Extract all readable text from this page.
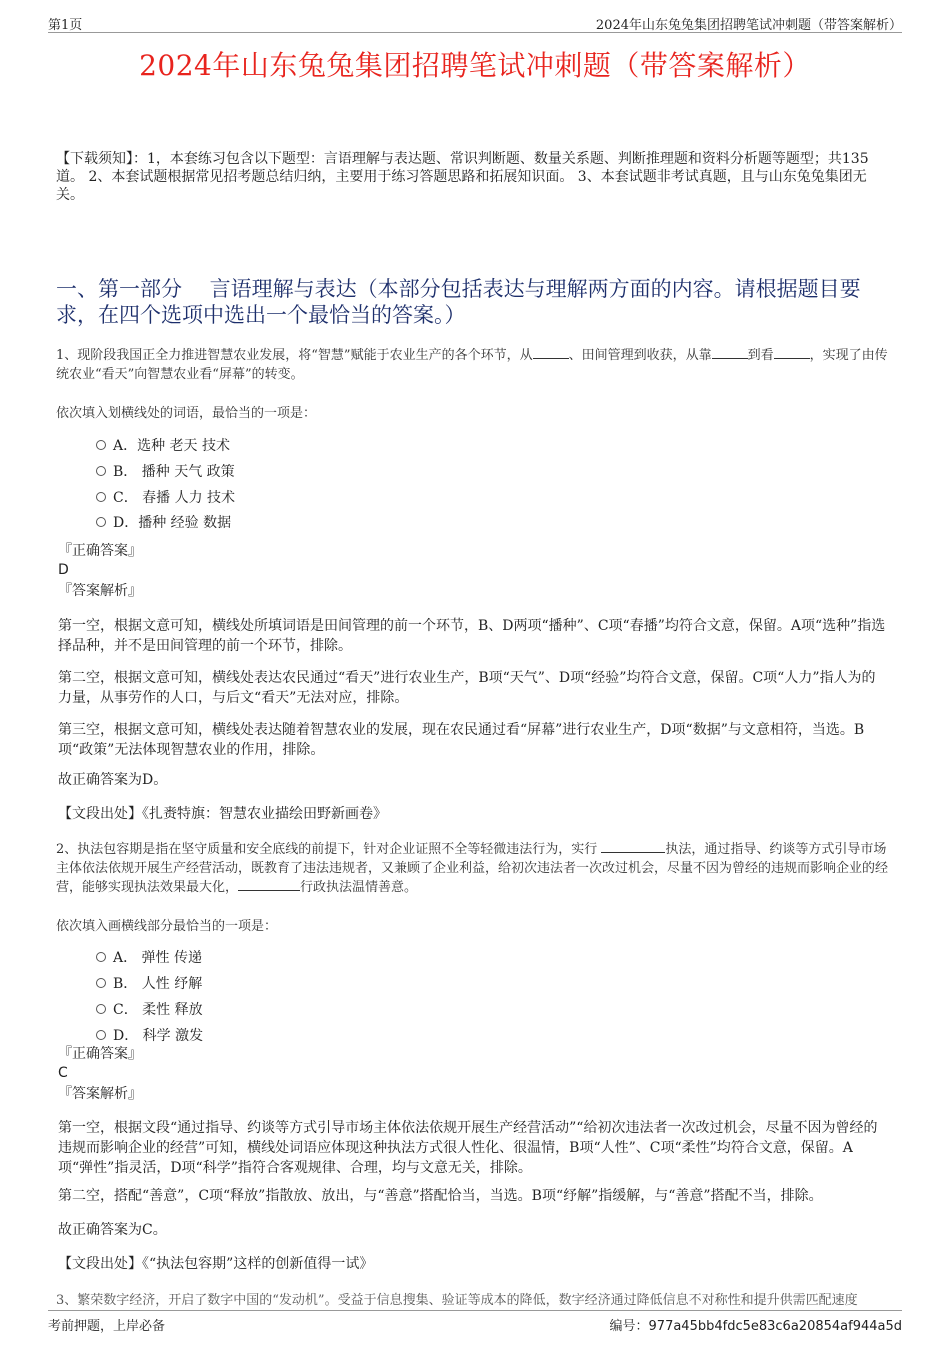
第1页	2024年山东兔兔集团招聘笔试冲刺题（带答案解析）
2024年山东兔兔集团招聘笔试冲刺题（带答案解析）
【下载须知】：1，本套练习包含以下题型：言语理解与表达题、常识判断题、数量关系题、判断推理题和资料分析题等题型；共135道。 2、本套试题根据常见招考题总结归纳，主要用于练习答题思路和拓展知识面。 3、本套试题非考试真题，且与山东兔兔集团无关。
一、第一部分　 言语理解与表达（本部分包括表达与理解两方面的内容。请根据题目要求，在四个选项中选出一个最恰当的答案。）
1、现阶段我国正全力推进智慧农业发展，将“智慧”赋能于农业生产的各个环节，从	、田间管理到收获，从靠	到看	，实现了由传统农业“看天”向智慧农业看“屏幕”的转变。
依次填入划横线处的词语，最恰当的一项是：
A．选种 老天 技术
B． 播种 天气 政策
C． 春播 人力 技术
D．播种 经验 数据
『正确答案』
D
『答案解析』
第一空，根据文意可知，横线处所填词语是田间管理的前一个环节，B、D两项“播种”、C项“春播”均符合文意，保留。A项“选种”指选择品种，并不是田间管理的前一个环节，排除。
第二空，根据文意可知，横线处表达农民通过“看天”进行农业生产，B项“天气”、D项“经验”均符合文意，保留。C项“人力”指人为的力量，从事劳作的人口，与后文“看天”无法对应，排除。
第三空，根据文意可知，横线处表达随着智慧农业的发展，现在农民通过看“屏幕”进行农业生产，D项“数据”与文意相符，当选。B项“政策”无法体现智慧农业的作用，排除。
故正确答案为D。
【文段出处】《扎赉特旗：智慧农业描绘田野新画卷》
2、执法包容期是指在坚守质量和安全底线的前提下，针对企业证照不全等轻微违法行为，实行	执法，通过指导、约谈等方式引导市场主体依法依规开展生产经营活动，既教育了违法违规者，又兼顾了企业利益，给初次违法者一次改过机会，尽量不因为曾经的违规而影响企业的经营，能够实现执法效果最大化，	行政执法温情善意。
依次填入画横线部分最恰当的一项是：
A． 弹性 传递
B． 人性 纾解
C． 柔性 释放
D． 科学 激发
『正确答案』
C
『答案解析』
第一空，根据文段“通过指导、约谈等方式引导市场主体依法依规开展生产经营活动”“给初次违法者一次改过机会，尽量不因为曾经的违规而影响企业的经营”可知，横线处词语应体现这种执法方式很人性化、很温情，B项“人性”、C项“柔性”均符合文意，保留。A项“弹性”指灵活，D项“科学”指符合客观规律、合理，均与文意无关，排除。
第二空，搭配“善意”，C项“释放”指散放、放出，与“善意”搭配恰当，当选。B项“纾解”指缓解，与“善意”搭配不当，排除。
故正确答案为C。
【文段出处】《“执法包容期”这样的创新值得一试》
3、繁荣数字经济，开启了数字中国的“发动机”。受益于信息搜集、验证等成本的降低，数字经济通过降低信息不对称性和提升供需匹配速度
考前押题，上岸必备	编号：977a45bb4fdc5e83c6a20854af944a5d
